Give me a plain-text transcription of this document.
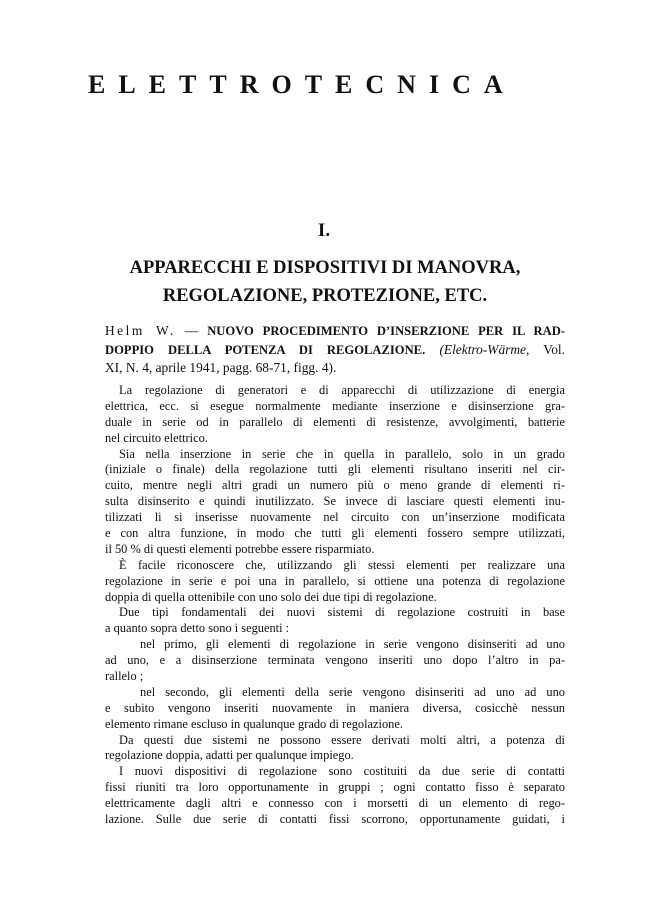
ELETTROTECNICA
I.
APPARECCHI E DISPOSITIVI DI MANOVRA,
REGOLAZIONE, PROTEZIONE, ETC.
Helm W. — NUOVO PROCEDIMENTO D’INSERZIONE PER IL RAD-
DOPPIO DELLA POTENZA DI REGOLAZIONE. (Elektro-Wärme, Vol.
XI, N. 4, aprile 1941, pagg. 68-71, figg. 4).
La regolazione di generatori e di apparecchi di utilizzazione di energia
elettrica, ecc. si esegue normalmente mediante inserzione e disinserzione gra-
duale in serie od in parallelo di elementi di resistenze, avvolgimenti, batterie
nel circuito elettrico.
Sia nella inserzione in serie che in quella in parallelo, solo in un grado
(iniziale o finale) della regolazione tutti gli elementi risultano inseriti nel cir-
cuito, mentre negli altri gradi un numero più o meno grande di elementi ri-
sulta disinserito e quindi inutilizzato. Se invece di lasciare questi elementi inu-
tilizzati li si inserisse nuovamente nel circuito con un’inserzione modificata
e con altra funzione, in modo che tutti gli elementi fossero sempre utilizzati,
il 50 % di questi elementi potrebbe essere risparmiato.
È facile riconoscere che, utilizzando gli stessi elementi per realizzare una
regolazione in serie e poi una in parallelo, si ottiene una potenza di regolazione
doppia di quella ottenibile con uno solo dei due tipi di regolazione.
Due tipi fondamentali dei nuovi sistemi di regolazione costruiti in base
a quanto sopra detto sono i seguenti :
nel primo, gli elementi di regolazione in serie vengono disinseriti ad uno
ad uno, e a disinserzione terminata vengono inseriti uno dopo l’altro in pa-
rallelo ;
nel secondo, gli elementi della serie vengono disinseriti ad uno ad uno
e subito vengono inseriti nuovamente in maniera diversa, cosicchè nessun
elemento rimane escluso in qualunque grado di regolazione.
Da questi due sistemi ne possono essere derivati molti altri, a potenza di
regolazione doppia, adatti per qualunque impiego.
I nuovi dispositivi di regolazione sono costituiti da due serie di contatti
fissi riuniti tra loro opportunamente in gruppi ; ogni contatto fisso è separato
elettricamente dagli altri e connesso con i morsetti di un elemento di rego-
lazione. Sulle due serie di contatti fissi scorrono, opportunamente guidati, i
